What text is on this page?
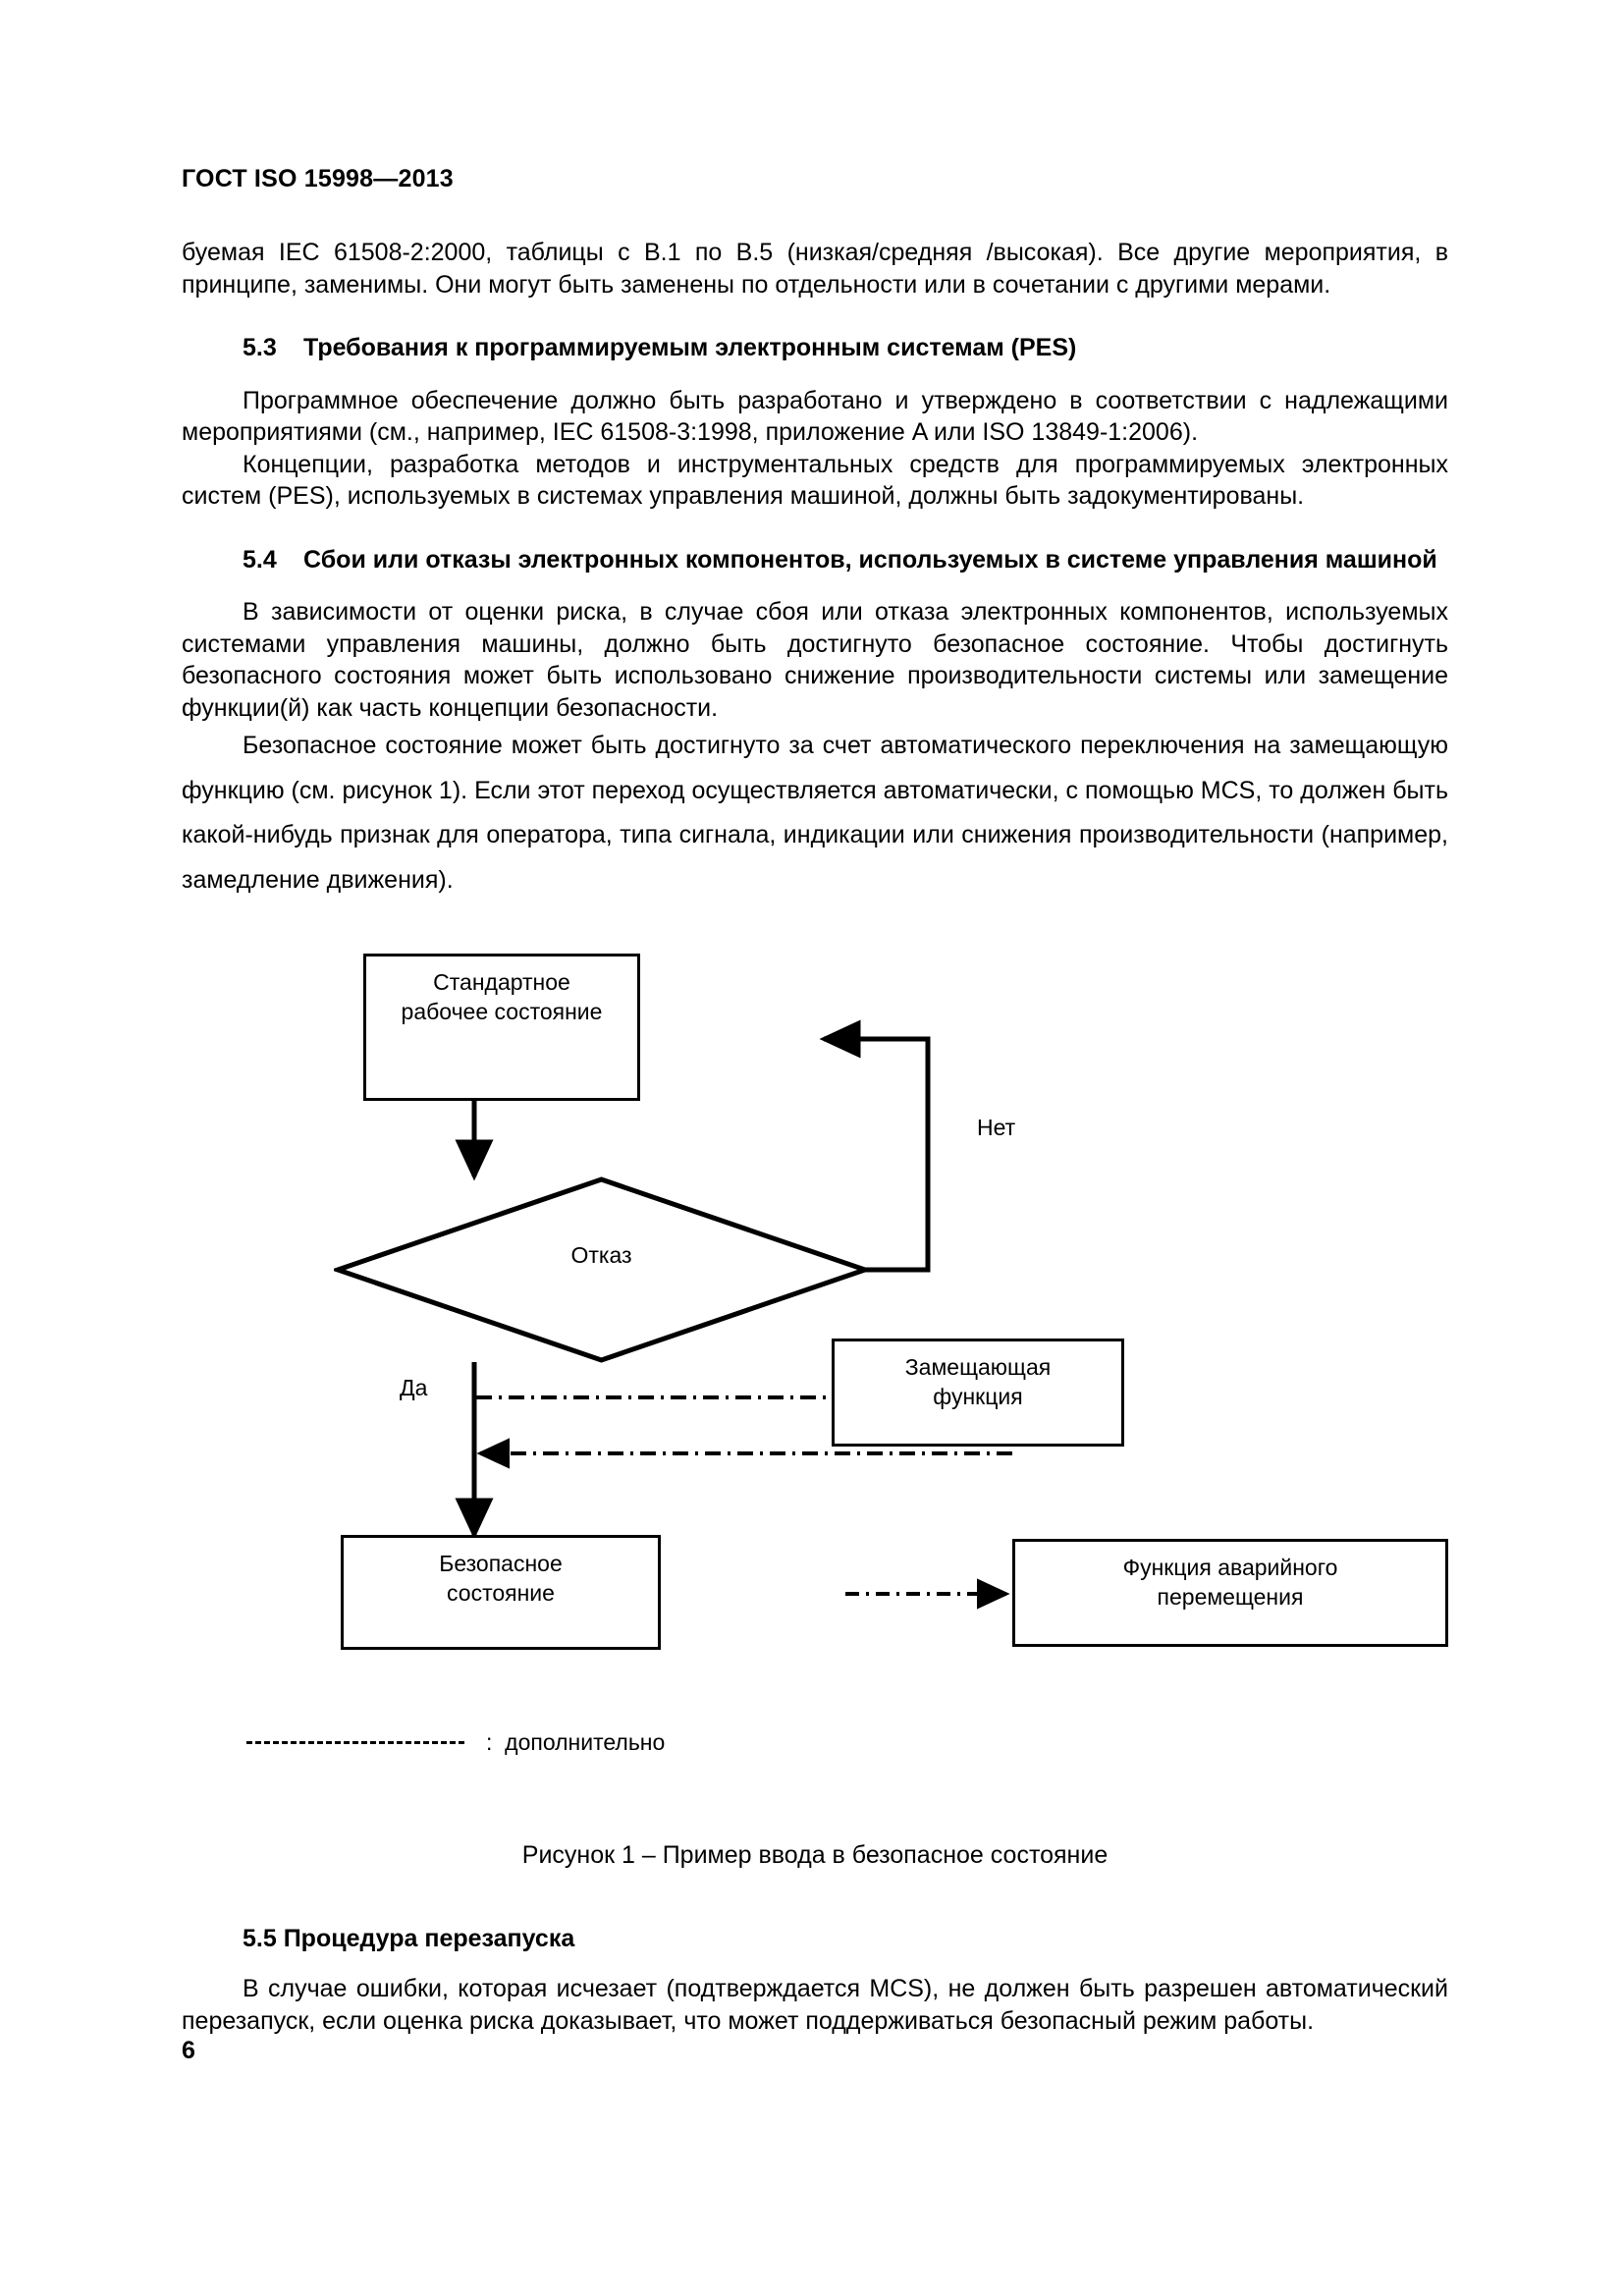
ГОСТ ISO 15998—2013

буемая IEC 61508-2:2000, таблицы с B.1 по B.5 (низкая/средняя /высокая). Все другие мероприятия, в принципе, заменимы. Они могут быть заменены по отдельности или в сочетании с другими мерами.

5.3 Требования к программируемым электронным системам (PES)

Программное обеспечение должно быть разработано и утверждено в соответствии с надлежащими мероприятиями (см., например, IEC 61508-3:1998, приложение A или ISO 13849-1:2006).

Концепции, разработка методов и инструментальных средств для программируемых электронных систем (PES), используемых в системах управления машиной, должны быть задокументированы.

5.4 Сбои или отказы электронных компонентов, используемых в системе управления машиной

В зависимости от оценки риска, в случае сбоя или отказа электронных компонентов, используемых системами управления машины, должно быть достигнуто безопасное состояние. Чтобы достигнуть безопасного состояния может быть использовано снижение производительности системы или замещение функции(й) как часть концепции безопасности.

Безопасное состояние может быть достигнуто за счет автоматического переключения на замещающую функцию (см. рисунок 1). Если этот переход осуществляется автоматически, с помощью MCS, то должен быть какой-нибудь признак для оператора, типа сигнала, индикации или снижения производительности (например, замедление движения).

Стандартное
рабочее состояние
Нет
Отказ
Да
Замещающая
функция
Безопасное
состояние
Функция аварийного
перемещения
: дополнительно
Рисунок 1 – Пример ввода в безопасное состояние
5.5 Процедура перезапуска

В случае ошибки, которая исчезает (подтверждается MCS), не должен быть разрешен автоматический перезапуск, если оценка риска доказывает, что может поддерживаться безопасный режим работы.

6
